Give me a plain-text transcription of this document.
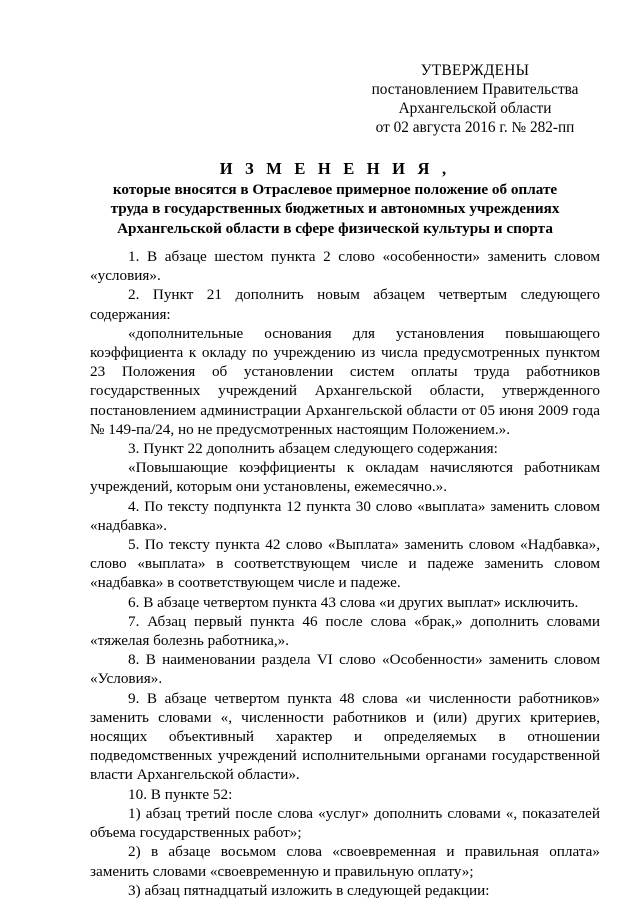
УТВЕРЖДЕНЫ
постановлением Правительства
Архангельской области
от 02 августа 2016 г. № 282-пп
И З М Е Н Е Н И Я ,
которые вносятся в Отраслевое примерное положение об оплате
труда в государственных бюджетных и автономных учреждениях
Архангельской области в сфере физической культуры и спорта

1. В абзаце шестом пункта 2 слово «особенности» заменить словом «условия».

2. Пункт 21 дополнить новым абзацем четвертым следующего содержания:

«дополнительные основания для установления повышающего коэффициента к окладу по учреждению из числа предусмотренных пунктом 23 Положения об установлении систем оплаты труда работников государственных учреждений Архангельской области, утвержденного постановлением администрации Архангельской области от 05 июня 2009 года № 149-па/24, но не предусмотренных настоящим Положением.».

3. Пункт 22 дополнить абзацем следующего содержания:

«Повышающие коэффициенты к окладам начисляются работникам учреждений, которым они установлены, ежемесячно.».

4. По тексту подпункта 12 пункта 30 слово «выплата» заменить словом «надбавка».

5. По тексту пункта 42 слово «Выплата» заменить словом «Надбавка», слово «выплата» в соответствующем числе и падеже заменить словом «надбавка» в соответствующем числе и падеже.

6. В абзаце четвертом пункта 43 слова «и других выплат» исключить.

7. Абзац первый пункта 46 после слова «брак,» дополнить словами «тяжелая болезнь работника,».

8. В наименовании раздела VI слово «Особенности» заменить словом «Условия».

9. В абзаце четвертом пункта 48 слова «и численности работников» заменить словами «, численности работников и (или) других критериев, носящих объективный характер и определяемых в отношении подведомственных учреждений исполнительными органами государственной власти Архангельской области».

10. В пункте 52:

1) абзац третий после слова «услуг» дополнить словами «, показателей объема государственных работ»;

2) в абзаце восьмом слова «своевременная и правильная оплата» заменить словами «своевременную и правильную оплату»;

3) абзац пятнадцатый изложить в следующей редакции:
